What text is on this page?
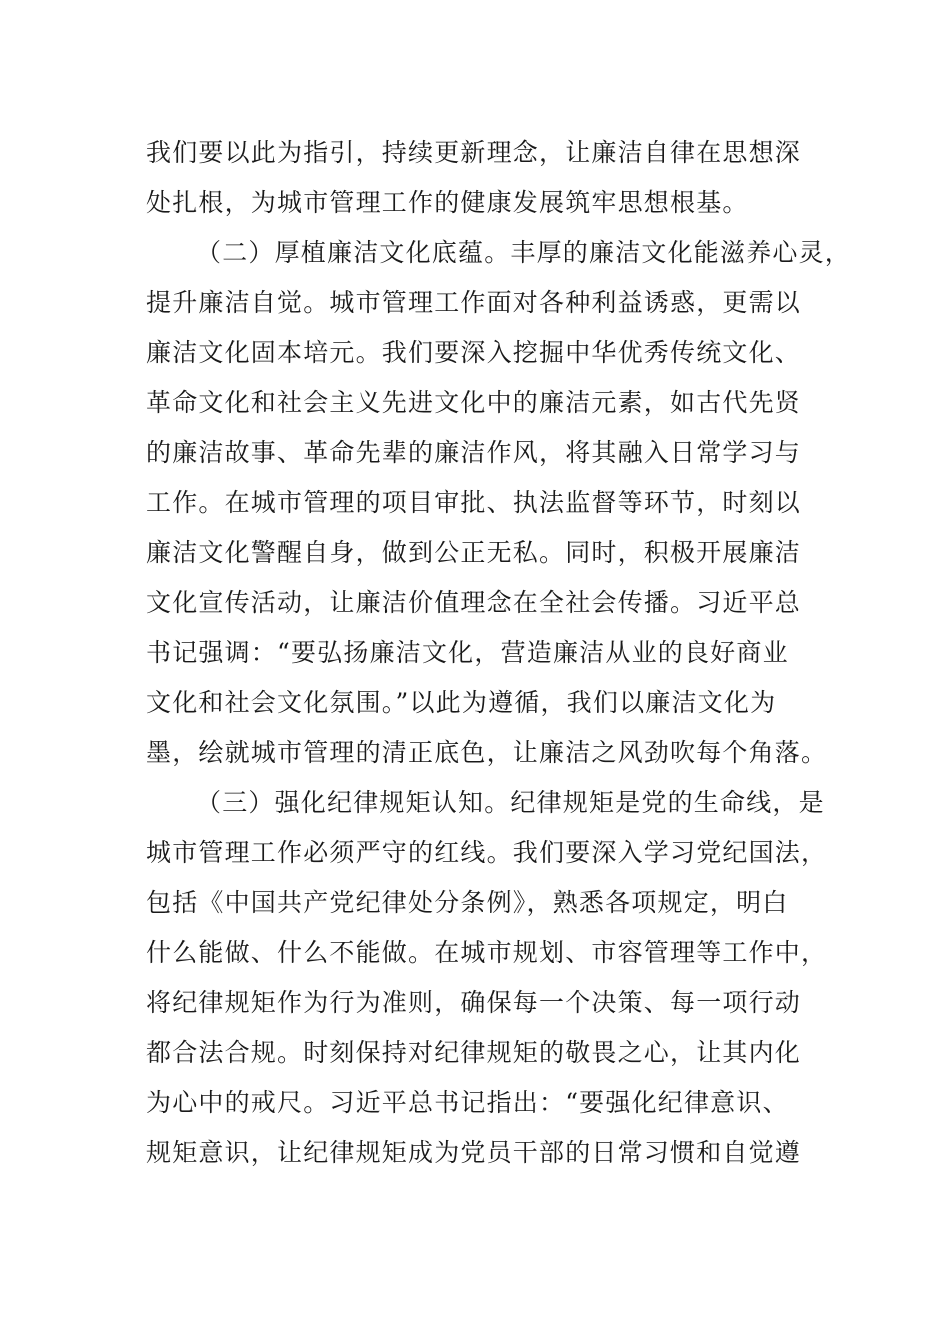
我们要以此为指引，持续更新理念，让廉洁自律在思想深
处扎根，为城市管理工作的健康发展筑牢思想根基。
（二）厚植廉洁文化底蕴。丰厚的廉洁文化能滋养心灵，
提升廉洁自觉。城市管理工作面对各种利益诱惑，更需以
廉洁文化固本培元。我们要深入挖掘中华优秀传统文化、
革命文化和社会主义先进文化中的廉洁元素，如古代先贤
的廉洁故事、革命先辈的廉洁作风，将其融入日常学习与
工作。在城市管理的项目审批、执法监督等环节，时刻以
廉洁文化警醒自身，做到公正无私。同时，积极开展廉洁
文化宣传活动，让廉洁价值理念在全社会传播。习近平总
书记强调：“要弘扬廉洁文化，营造廉洁从业的良好商业
文化和社会文化氛围。”以此为遵循，我们以廉洁文化为
墨，绘就城市管理的清正底色，让廉洁之风劲吹每个角落。
（三）强化纪律规矩认知。纪律规矩是党的生命线，是
城市管理工作必须严守的红线。我们要深入学习党纪国法，
包括《中国共产党纪律处分条例》，熟悉各项规定，明白
什么能做、什么不能做。在城市规划、市容管理等工作中，
将纪律规矩作为行为准则，确保每一个决策、每一项行动
都合法合规。时刻保持对纪律规矩的敬畏之心，让其内化
为心中的戒尺。习近平总书记指出：“要强化纪律意识、
规矩意识，让纪律规矩成为党员干部的日常习惯和自觉遵
